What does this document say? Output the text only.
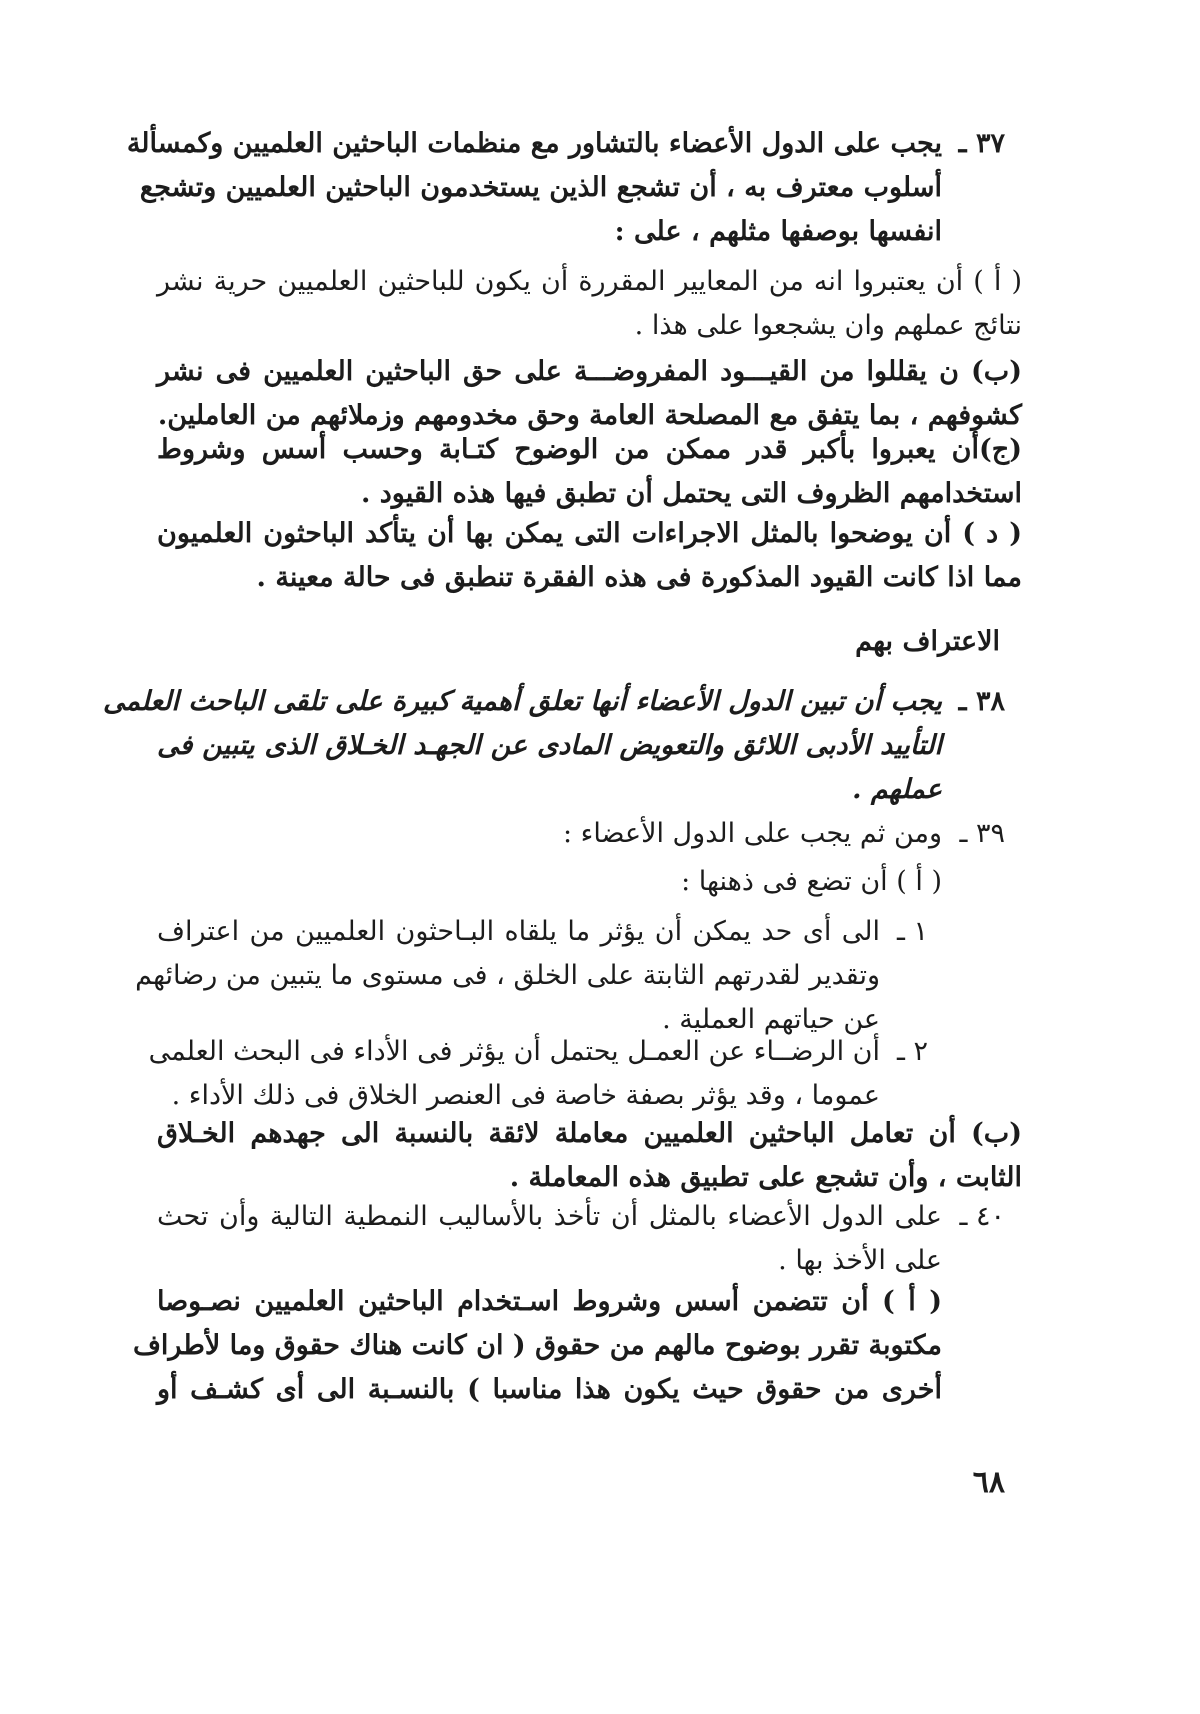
٣٧ ـ
يجب على الدول الأعضاء بالتشاور مع منظمات الباحثين العلميين وكمسألة
أسلوب معترف به ، أن تشجع الذين يستخدمون الباحثين العلميين وتشجع
انفسها بوصفها مثلهم ، على :
( أ ) أن يعتبروا انه من المعايير المقررة أن يكون للباحثين العلميين حرية نشر
نتائج عملهم وان يشجعوا على هذا .
(ب) ن يقللوا من القيـــود المفروضـــة على حق الباحثين العلميين فى نشر
كشوفهم ، بما يتفق مع المصلحة العامة وحق مخدومهم وزملائهم من العاملين.
(ج)أن يعبروا بأكبر قدر ممكن من الوضوح كتـابة وحسب أسس وشروط
استخدامهم الظروف التى يحتمل أن تطبق فيها هذه القيود .
( د ) أن يوضحوا بالمثل الاجراءات التى يمكن بها أن يتأكد الباحثون العلميون
مما اذا كانت القيود المذكورة فى هذه الفقرة تنطبق فى حالة معينة .
الاعتراف بهم
٣٨ ـ
يجب أن تبين الدول الأعضاء أنها تعلق أهمية كبيرة على تلقى الباحث العلمى
التأييد الأدبى اللائق والتعويض المادى عن الجهـد الخـلاق الذى يتبين فى
عملهم .
٣٩ ـ
ومن ثم يجب على الدول الأعضاء :
( أ ) أن تضع فى ذهنها :
١ ـ
الى أى حد يمكن أن يؤثر ما يلقاه البـاحثون العلميين من اعتراف
وتقدير لقدرتهم الثابتة على الخلق ، فى مستوى ما يتبين من رضائهم
عن حياتهم العملية .
٢ ـ
أن الرضــاء عن العمـل يحتمل أن يؤثر فى الأداء فى البحث العلمى
عموما ، وقد يؤثر بصفة خاصة فى العنصر الخلاق فى ذلك الأداء .
(ب) أن تعامل الباحثين العلميين معاملة لائقة بالنسبة الى جهدهم الخـلاق
الثابت ، وأن تشجع على تطبيق هذه المعاملة .
٤٠ ـ
على الدول الأعضاء بالمثل أن تأخذ بالأساليب النمطية التالية وأن تحث
على الأخذ بها .
( أ ) أن تتضمن أسس وشروط اسـتخدام الباحثين العلميين نصـوصا
مكتوبة تقرر بوضوح مالهم من حقوق ( ان كانت هناك حقوق وما لأطراف
أخرى من حقوق حيث يكون هذا مناسبا ) بالنسـبة الى أى كشـف أو
٦٨
